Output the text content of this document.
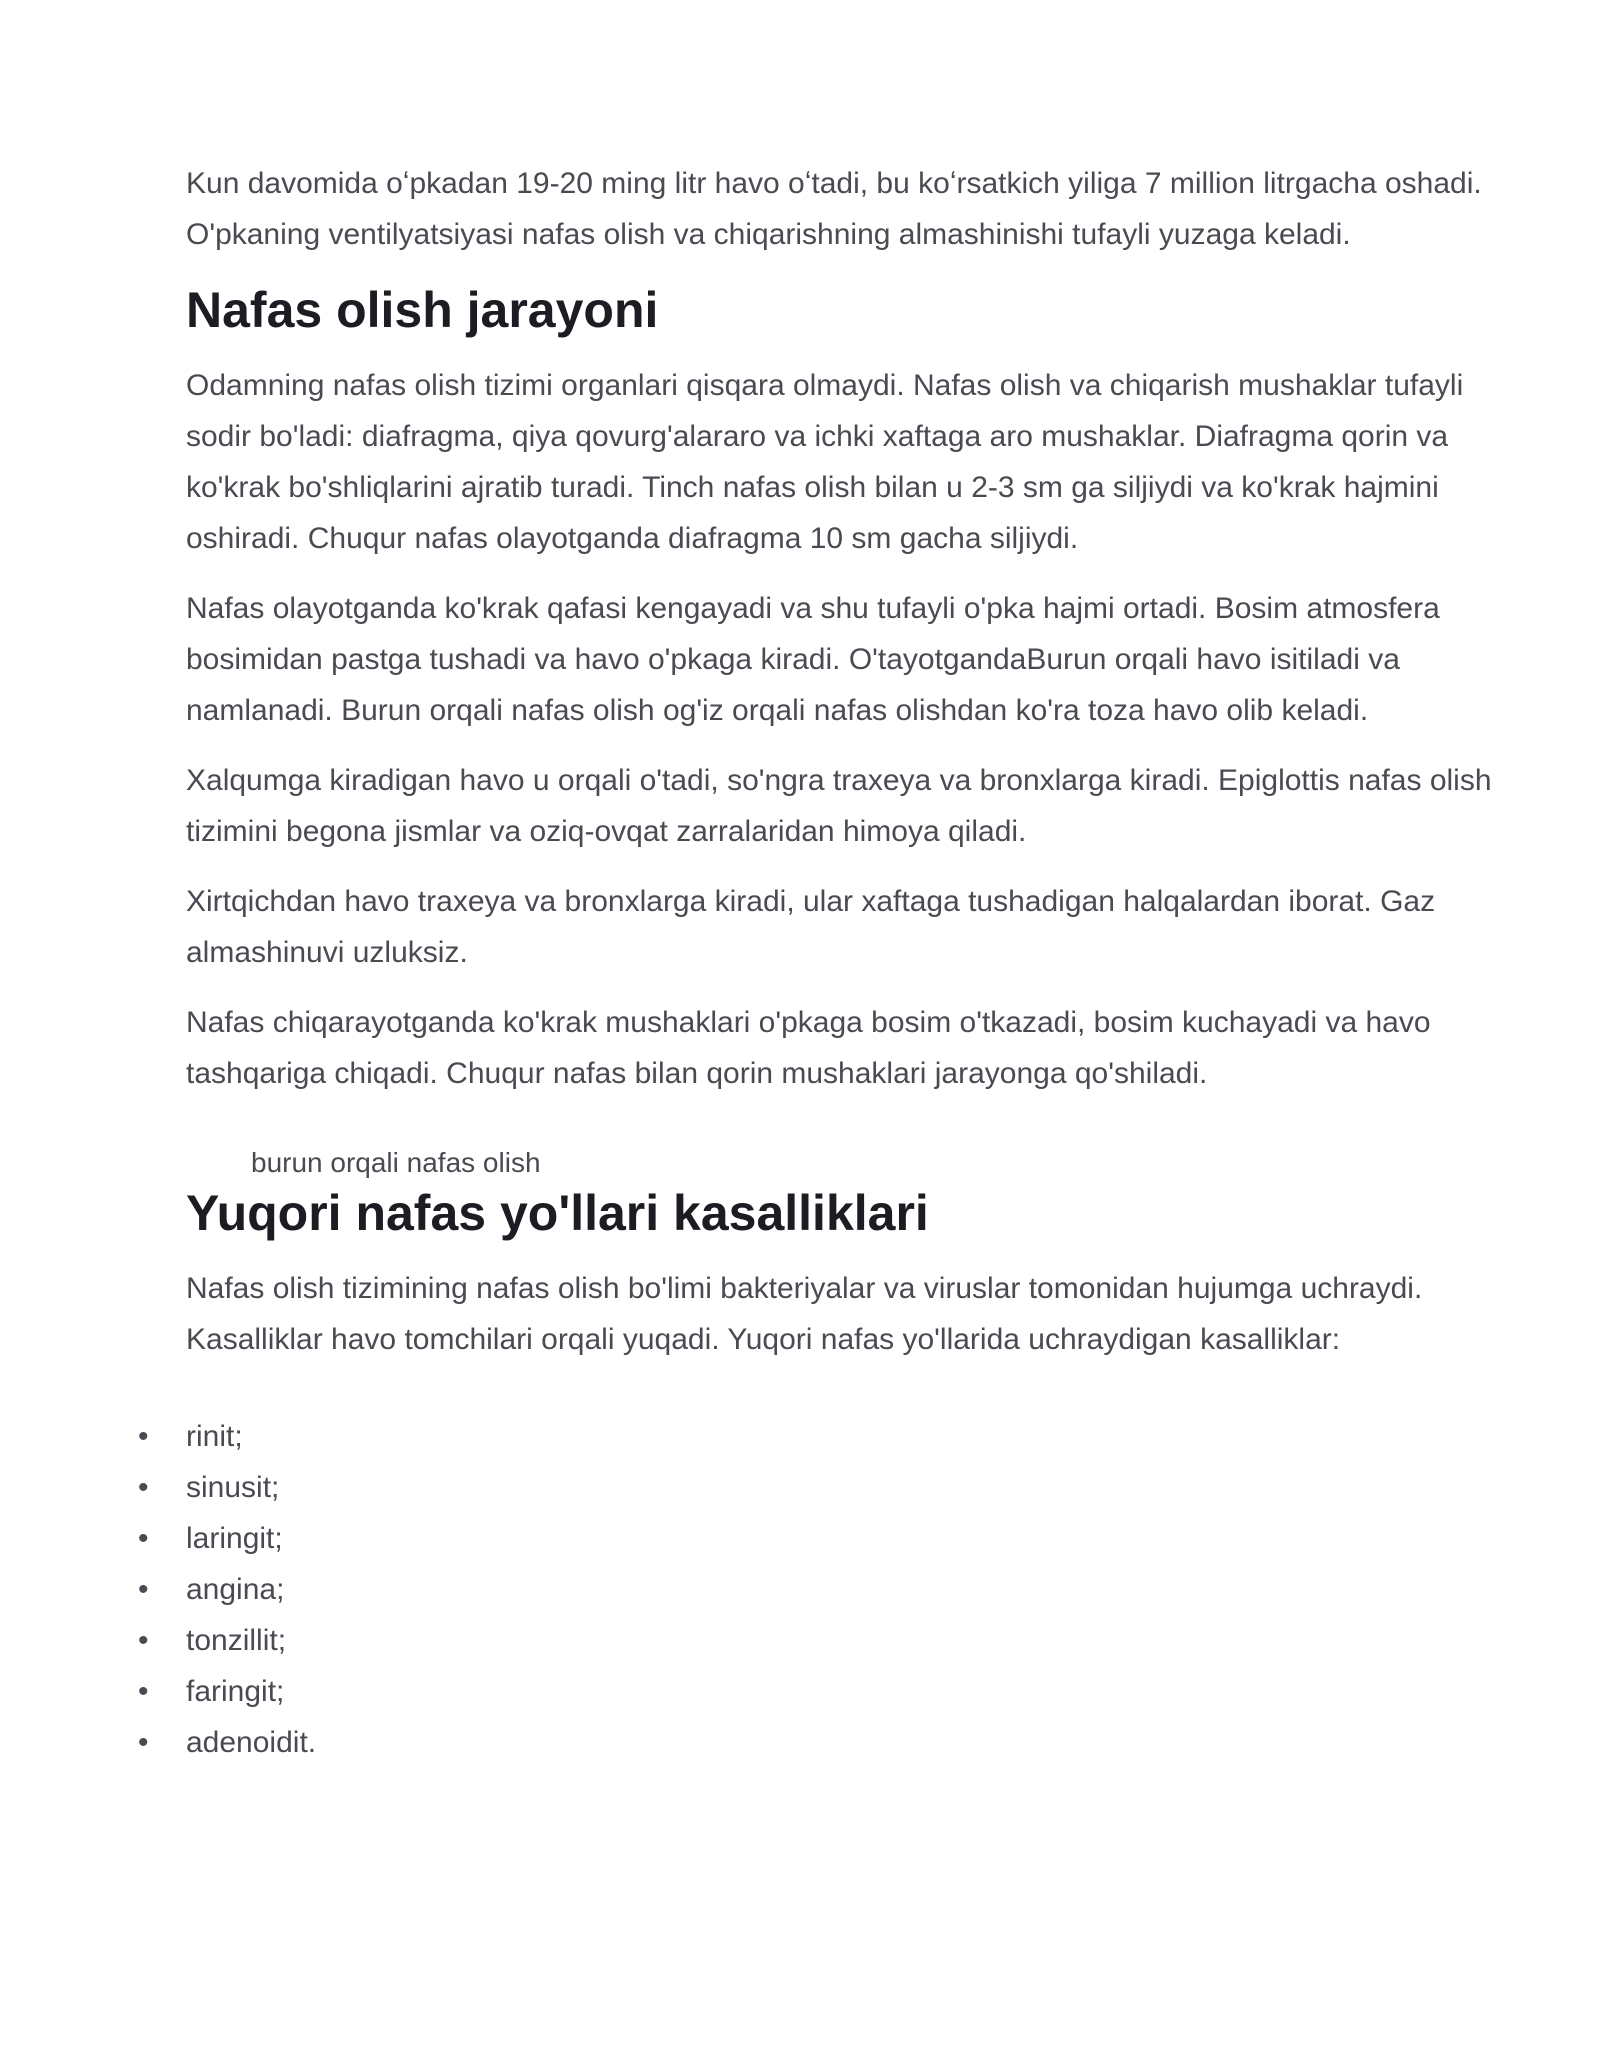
Kun davomida oʻpkadan 19-20 ming litr havo oʻtadi, bu koʻrsatkich yiliga 7 million litrgacha oshadi. O'pkaning ventilyatsiyasi nafas olish va chiqarishning almashinishi tufayli yuzaga keladi.

Nafas olish jarayoni

Odamning nafas olish tizimi organlari qisqara olmaydi. Nafas olish va chiqarish mushaklar tufayli sodir bo'ladi: diafragma, qiya qovurg'alararo va ichki xaftaga aro mushaklar. Diafragma qorin va ko'krak bo'shliqlarini ajratib turadi. Tinch nafas olish bilan u 2-3 sm ga siljiydi va ko'krak hajmini oshiradi. Chuqur nafas olayotganda diafragma 10 sm gacha siljiydi.

Nafas olayotganda ko'krak qafasi kengayadi va shu tufayli o'pka hajmi ortadi. Bosim atmosfera bosimidan pastga tushadi va havo o'pkaga kiradi. O'tayotgandaBurun orqali havo isitiladi va namlanadi. Burun orqali nafas olish og'iz orqali nafas olishdan ko'ra toza havo olib keladi.

Xalqumga kiradigan havo u orqali o'tadi, so'ngra traxeya va bronxlarga kiradi. Epiglottis nafas olish tizimini begona jismlar va oziq-ovqat zarralaridan himoya qiladi.

Xirtqichdan havo traxeya va bronxlarga kiradi, ular xaftaga tushadigan halqalardan iborat. Gaz almashinuvi uzluksiz.

Nafas chiqarayotganda ko'krak mushaklari o'pkaga bosim o'tkazadi, bosim kuchayadi va havo tashqariga chiqadi. Chuqur nafas bilan qorin mushaklari jarayonga qo'shiladi.

burun orqali nafas olish
Yuqori nafas yo'llari kasalliklari

Nafas olish tizimining nafas olish bo'limi bakteriyalar va viruslar tomonidan hujumga uchraydi. Kasalliklar havo tomchilari orqali yuqadi. Yuqori nafas yo'llarida uchraydigan kasalliklar:

• rinit;
• sinusit;
• laringit;
• angina;
• tonzillit;
• faringit;
• adenoidit.
